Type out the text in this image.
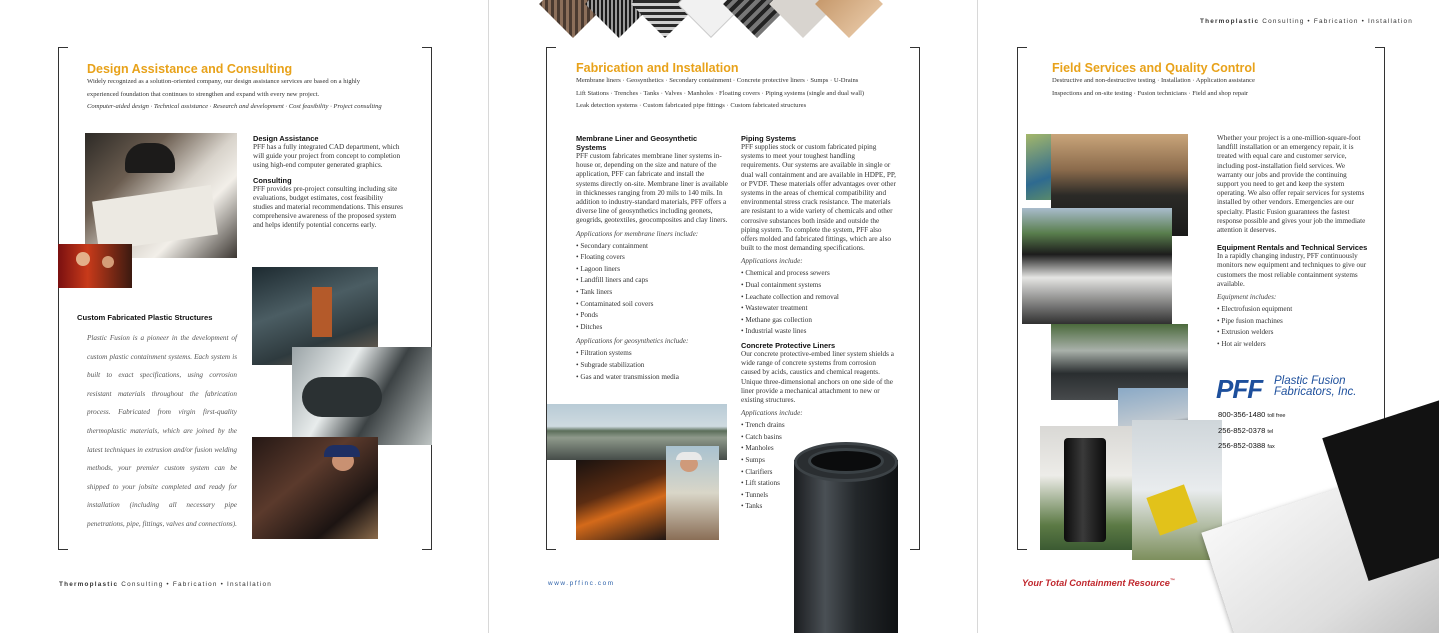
Design Assistance and Consulting
Widely recognized as a solution-oriented company, our design assistance services are based on a highly
experienced foundation that continues to strengthen and expand with every new project.
Computer-aided design · Technical assistance · Research and development · Cost feasibility · Project consulting
Design Assistance
PFF has a fully integrated CAD department, which will guide your project from concept to completion using high-end computer generated graphics.
Consulting
PFF provides pre-project consulting including site evaluations, budget estimates, cost feasibility studies and material recommendations. This ensures comprehensive awareness of the proposed system and helps identify potential concerns early.
Custom Fabricated Plastic Structures
Plastic Fusion is a pioneer in the development of custom plastic containment systems. Each system is built to exact specifications, using corrosion resistant materials throughout the fabrication process. Fabricated from virgin first-quality thermoplastic materials, which are joined by the latest techniques in extrusion and/or fusion welding methods, your premier custom system can be shipped to your jobsite completed and ready for installation (including all necessary pipe penetrations, pipe, fittings, valves and connections).
Thermoplastic Consulting • Fabrication • Installation
Fabrication and Installation
Membrane liners · Geosynthetics · Secondary containment · Concrete protective liners · Sumps · U-Drains
Lift Stations · Trenches · Tanks · Valves · Manholes · Floating covers · Piping systems (single and dual wall)
Leak detection systems · Custom fabricated pipe fittings · Custom fabricated structures
Membrane Liner and Geosynthetic Systems
PFF custom fabricates membrane liner systems in-house or, depending on the size and nature of the application, PFF can fabricate and install the systems directly on-site. Membrane liner is available in thicknesses ranging from 20 mils to 140 mils. In addition to industry-standard materials, PFF offers a diverse line of geosynthetics including geonets, geogrids, geotextiles, geocomposites and clay liners.
Applications for membrane liners include:
• Secondary containment
• Floating covers
• Lagoon liners
• Landfill liners and caps
• Tank liners
• Contaminated soil covers
• Ponds
• Ditches
Applications for geosynthetics include:
• Filtration systems
• Subgrade stabilization
• Gas and water transmission media
Piping Systems
PFF supplies stock or custom fabricated piping systems to meet your toughest handling requirements. Our systems are available in single or dual wall containment and are available in HDPE, PP, or PVDF. These materials offer advantages over other systems in the areas of chemical compatibility and environmental stress crack resistance. The materials are resistant to a wide variety of chemicals and other corrosive substances both inside and outside the piping system. To complete the system, PFF also offers molded and fabricated fittings, which are also built to the most demanding specifications.
Applications include:
• Chemical and process sewers
• Dual containment systems
• Leachate collection and removal
• Wastewater treatment
• Methane gas collection
• Industrial waste lines
Concrete Protective Liners
Our concrete protective-embed liner system shields a wide range of concrete systems from corrosion caused by acids, caustics and chemical reagents. Unique three-dimensional anchors on one side of the liner provide a mechanical attachment to new or existing structures.
Applications include:
• Trench drains
• Catch basins
• Manholes
• Sumps
• Clarifiers
• Lift stations
• Tunnels
• Tanks
www.pffinc.com
Thermoplastic Consulting • Fabrication • Installation
Field Services and Quality Control
Destructive and non-destructive testing · Installation · Application assistance
Inspections and on-site testing · Fusion technicians · Field and shop repair
Whether your project is a one-million-square-foot landfill installation or an emergency repair, it is treated with equal care and customer service, including post-installation field services. We warranty our jobs and provide the continuing support you need to get and keep the system operating. We also offer repair services for systems installed by other vendors. Emergencies are our specialty. Plastic Fusion guarantees the fastest response possible and gives your job the immediate attention it deserves.
Equipment Rentals and Technical Services
In a rapidly changing industry, PFF continuously monitors new equipment and techniques to give our customers the most reliable containment systems available.
Equipment includes:
• Electrofusion equipment
• Pipe fusion machines
• Extrusion welders
• Hot air welders
PFF Plastic Fusion
Fabricators, Inc.
800-356-1480 toll free
256-852-0378 tel
256-852-0388 fax
Your Total Containment Resource™
